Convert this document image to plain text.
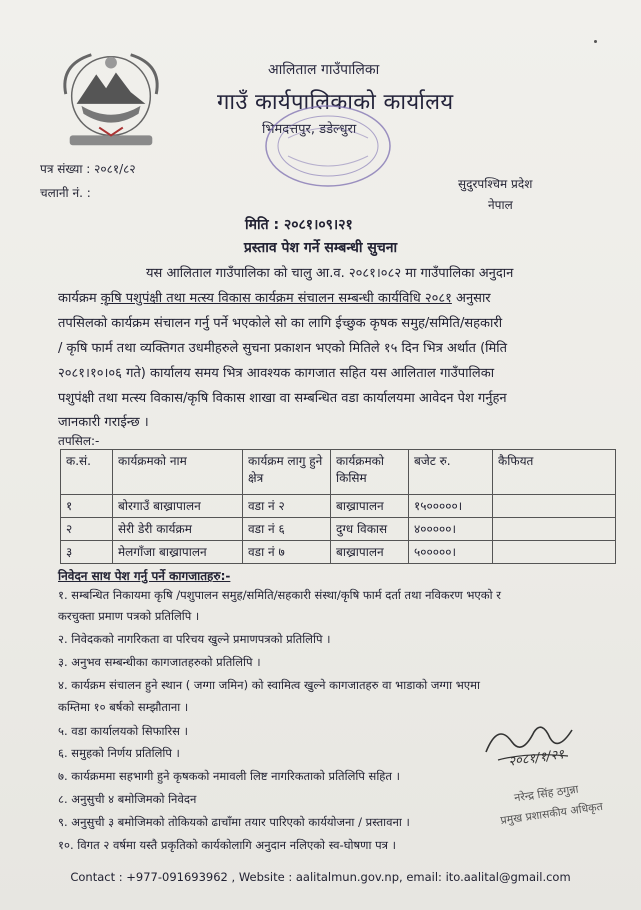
आलिताल गाउँपालिका
गाउँ कार्यपालिकाको कार्यालय
भिमदत्तपुर, डडेल्धुरा
पत्र संख्या : २०८१/८२
चलानी नं. :
सुदुरपश्चिम प्रदेश
नेपाल
मिति : २०८१।०९।२१
प्रस्ताव पेश गर्ने सम्बन्धी सुचना
यस आलिताल गाउँपालिका को चालु आ.व. २०८१।०८२ मा गाउँपालिका अनुदान
कार्यक्रम कृषि पशुपंक्षी तथा मत्स्य विकास कार्यक्रम संचालन सम्बन्धी कार्यविधि २०८१ अनुसार
तपसिलको कार्यक्रम संचालन गर्नु पर्ने भएकोले सो का लागि ईच्छुक कृषक समुह/समिति/सहकारी
/ कृषि फार्म तथा व्यक्तिगत उधमीहरुले सुचना प्रकाशन भएको मितिले १५ दिन भित्र अर्थात (मिति
२०८१।१०।०६ गते) कार्यालय समय भित्र आवश्यक कागजात सहित यस आलिताल गाउँपालिका
पशुपंक्षी तथा मत्स्य विकास/कृषि विकास शाखा वा सम्बन्धित वडा कार्यालयमा आवेदन पेश गर्नुहन
जानकारी गराईन्छ ।
तपसिल:-
क.सं.	कार्यक्रमको नाम	कार्यक्रम लागु हुने क्षेत्र	कार्यक्रमको किसिम	बजेट रु.	कैफियत
१	बोरगाउँ बाख्रापालन	वडा नं २	बाख्रापालन	१५०००००।	
२	सेरी डेरी कार्यक्रम	वडा नं ६	दुग्ध विकास	४०००००।	
३	मेलगाँजा बाख्रापालन	वडा नं ७	बाख्रापालन	५०००००।	
निवेदन साथ पेश गर्नु पर्ने कागजातहरु:-
१. सम्बन्धित निकायमा कृषि /पशुपालन समुह/समिति/सहकारी संस्था/कृषि फार्म दर्ता तथा नविकरण भएको र
करचुक्ता प्रमाण पत्रको प्रतिलिपि ।
२. निवेदकको नागरिकता वा परिचय खुल्ने प्रमाणपत्रको प्रतिलिपि ।
३. अनुभव सम्बन्धीका कागजातहरुको प्रतिलिपि ।
४. कार्यक्रम संचालन हुने स्थान ( जग्गा जमिन) को स्वामित्व खुल्ने कागजातहरु वा भाडाको जग्गा भएमा
कम्तिमा १० बर्षको सम्झौताना ।
५. वडा कार्यालयको सिफारिस ।
६. समुहको निर्णय प्रतिलिपि ।
७. कार्यक्रममा सहभागी हुने कृषकको नमावली लिष्ट नागरिकताको प्रतिलिपि सहित ।
८. अनुसुची ४ बमोजिमको निवेदन
९. अनुसुची ३ बमोजिमको तोकियको ढाचाँमा तयार पारिएको कार्ययोजना / प्रस्तावना ।
१०. विगत २ वर्षमा यस्तै प्रकृतिको कार्यकोलागि अनुदान नलिएको स्व-घोषणा पत्र ।
२०८१/१/२१
नरेन्द्र सिंह ठगुन्ना
प्रमुख प्रशासकीय अधिकृत
Contact : +977-091693962 , Website : aalitalmun.gov.np, email: ito.aalital@gmail.com
